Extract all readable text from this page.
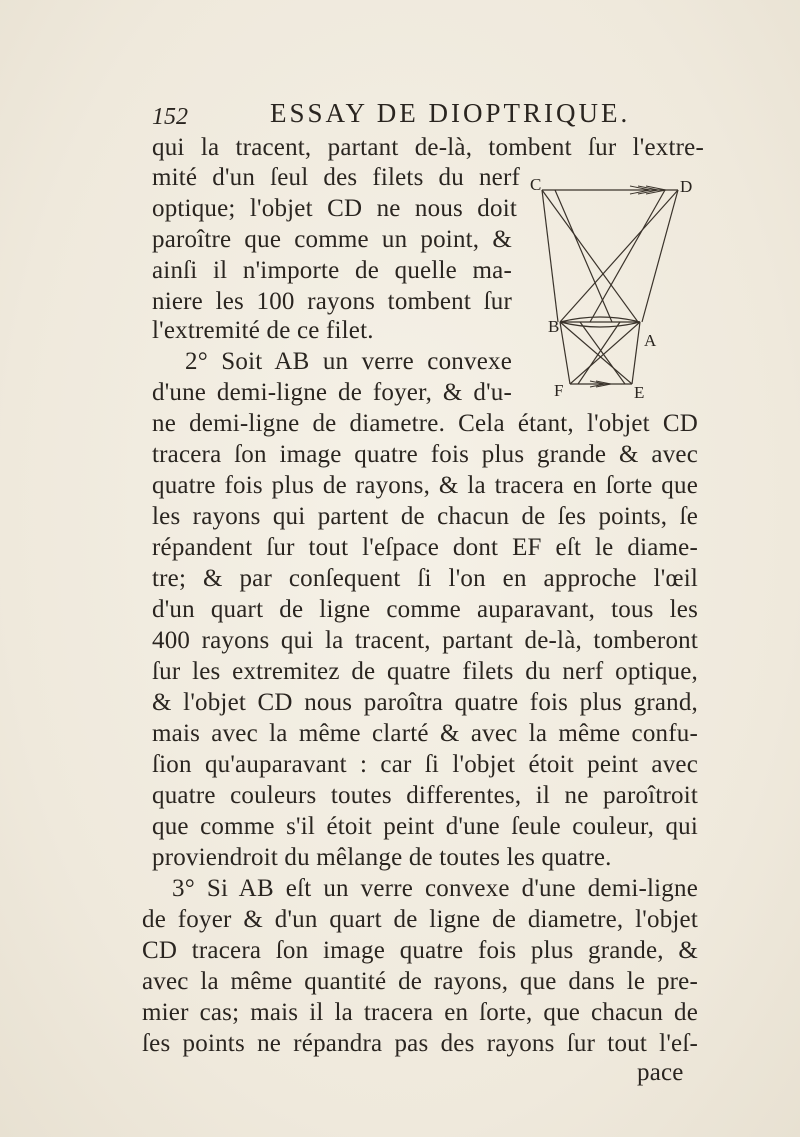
152	ESSAY DE DIOPTRIQUE.
qui la tracent, partant de-là, tombent ſur l'extre-
mité d'un ſeul des filets du nerf
optique; l'objet CD ne nous doit
paroître que comme un point, &
ainſi il n'importe de quelle ma-
niere les 100 rayons tombent ſur
l'extremité de ce filet.
2° Soit AB un verre convexe
d'une demi-ligne de foyer, & d'u-
ne demi-ligne de diametre. Cela étant, l'objet CD
tracera ſon image quatre fois plus grande & avec
quatre fois plus de rayons, & la tracera en ſorte que
les rayons qui partent de chacun de ſes points, ſe
répandent ſur tout l'eſpace dont EF eſt le diame-
tre; & par conſequent ſi l'on en approche l'œil
d'un quart de ligne comme auparavant, tous les
400 rayons qui la tracent, partant de-là, tomberont
ſur les extremitez de quatre filets du nerf optique,
& l'objet CD nous paroîtra quatre fois plus grand,
mais avec la même clarté & avec la même confu-
ſion qu'auparavant : car ſi l'objet étoit peint avec
quatre couleurs toutes differentes, il ne paroîtroit
que comme s'il étoit peint d'une ſeule couleur, qui
proviendroit du mêlange de toutes les quatre.
3° Si AB eſt un verre convexe d'une demi-ligne
de foyer & d'un quart de ligne de diametre, l'objet
CD tracera ſon image quatre fois plus grande, &
avec la même quantité de rayons, que dans le pre-
mier cas; mais il la tracera en ſorte, que chacun de
ſes points ne répandra pas des rayons ſur tout l'eſ-
pace
C	D
B
A
F	E
